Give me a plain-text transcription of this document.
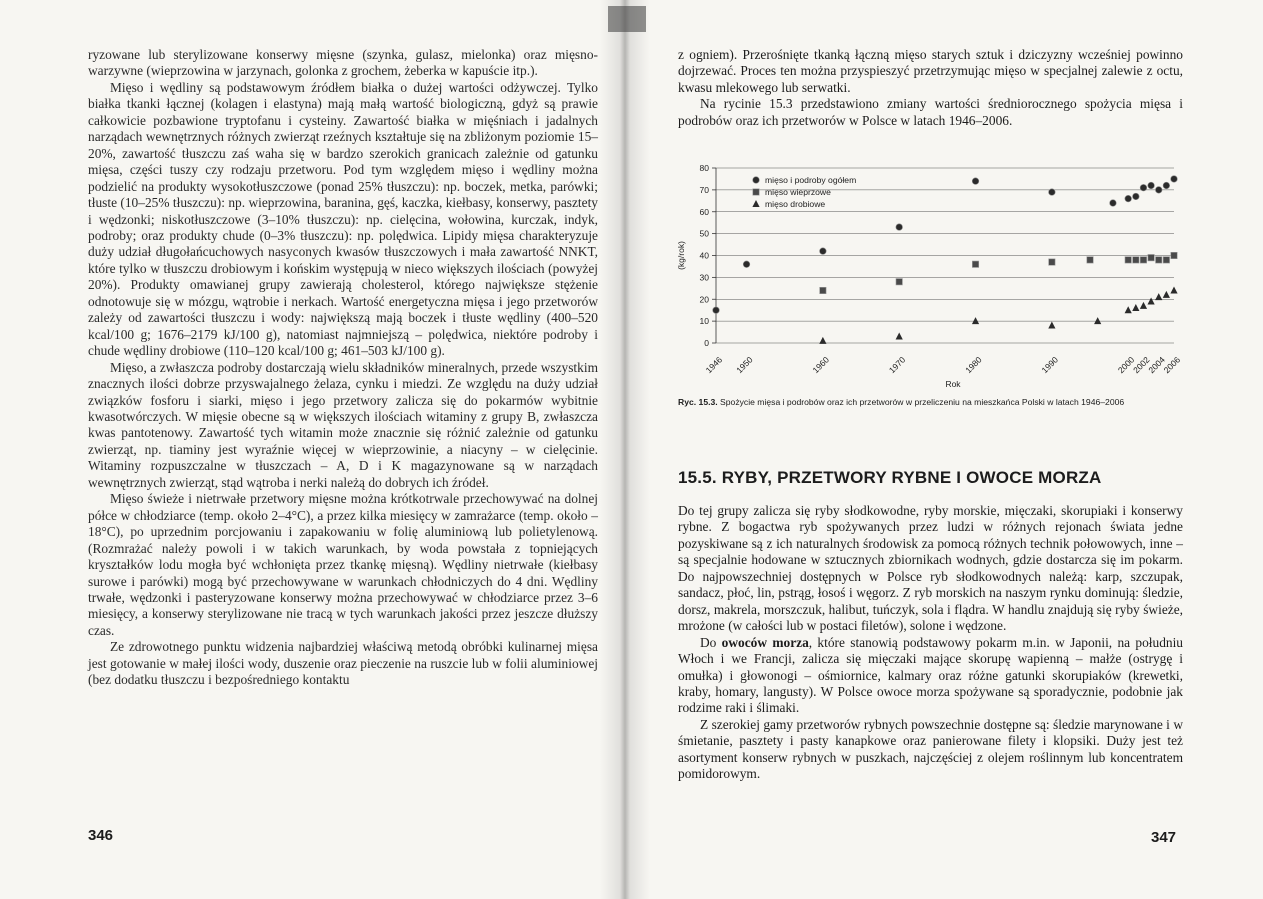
ryzowane lub sterylizowane konserwy mięsne (szynka, gulasz, mielonka) oraz mięsno-warzywne (wieprzowina w jarzynach, golonka z grochem, żeberka w kapuście itp.).

Mięso i wędliny są podstawowym źródłem białka o dużej wartości odżywczej. Tylko białka tkanki łącznej (kolagen i elastyna) mają małą wartość biologiczną, gdyż są prawie całkowicie pozbawione tryptofanu i cysteiny. Zawartość białka w mięśniach i jadalnych narządach wewnętrznych różnych zwierząt rzeźnych kształtuje się na zbliżonym poziomie 15–20%, zawartość tłuszczu zaś waha się w bardzo szerokich granicach zależnie od gatunku mięsa, części tuszy czy rodzaju przetworu. Pod tym względem mięso i wędliny można podzielić na produkty wysokotłuszczowe (ponad 25% tłuszczu): np. boczek, metka, parówki; tłuste (10–25% tłuszczu): np. wieprzowina, baranina, gęś, kaczka, kiełbasy, konserwy, pasztety i wędzonki; niskotłuszczowe (3–10% tłuszczu): np. cielęcina, wołowina, kurczak, indyk, podroby; oraz produkty chude (0–3% tłuszczu): np. polędwica. Lipidy mięsa charakteryzuje duży udział długołańcuchowych nasyconych kwasów tłuszczowych i mała zawartość NNKT, które tylko w tłuszczu drobiowym i końskim występują w nieco większych ilościach (powyżej 20%). Produkty omawianej grupy zawierają cholesterol, którego największe stężenie odnotowuje się w mózgu, wątrobie i nerkach. Wartość energetyczna mięsa i jego przetworów zależy od zawartości tłuszczu i wody: największą mają boczek i tłuste wędliny (400–520 kcal/100 g; 1676–2179 kJ/100 g), natomiast najmniejszą – polędwica, niektóre podroby i chude wędliny drobiowe (110–120 kcal/100 g; 461–503 kJ/100 g).

Mięso, a zwłaszcza podroby dostarczają wielu składników mineralnych, przede wszystkim znacznych ilości dobrze przyswajalnego żelaza, cynku i miedzi. Ze względu na duży udział związków fosforu i siarki, mięso i jego przetwory zalicza się do pokarmów wybitnie kwasotwórczych. W mięsie obecne są w większych ilościach witaminy z grupy B, zwłaszcza kwas pantotenowy. Zawartość tych witamin może znacznie się różnić zależnie od gatunku zwierząt, np. tiaminy jest wyraźnie więcej w wieprzowinie, a niacyny – w cielęcinie. Witaminy rozpuszczalne w tłuszczach – A, D i K magazynowane są w narządach wewnętrznych zwierząt, stąd wątroba i nerki należą do dobrych ich źródeł.

Mięso świeże i nietrwałe przetwory mięsne można krótkotrwale przechowywać na dolnej półce w chłodziarce (temp. około 2–4°C), a przez kilka miesięcy w zamrażarce (temp. około –18°C), po uprzednim porcjowaniu i zapakowaniu w folię aluminiową lub polietylenową. (Rozmrażać należy powoli i w takich warunkach, by woda powstała z topniejących kryształków lodu mogła być wchłonięta przez tkankę mięsną). Wędliny nietrwałe (kiełbasy surowe i parówki) mogą być przechowywane w warunkach chłodniczych do 4 dni. Wędliny trwałe, wędzonki i pasteryzowane konserwy można przechowywać w chłodziarce przez 3–6 miesięcy, a konserwy sterylizowane nie tracą w tych warunkach jakości przez jeszcze dłuższy czas.

Ze zdrowotnego punktu widzenia najbardziej właściwą metodą obróbki kulinarnej mięsa jest gotowanie w małej ilości wody, duszenie oraz pieczenie na ruszcie lub w folii aluminiowej (bez dodatku tłuszczu i bezpośredniego kontaktu

346

z ogniem). Przerośnięte tkanką łączną mięso starych sztuk i dziczyzny wcześniej powinno dojrzewać. Proces ten można przyspieszyć przetrzymując mięso w specjalnej zalewie z octu, kwasu mlekowego lub serwatki.

Na rycinie 15.3 przedstawiono zmiany wartości średniorocznego spożycia mięsa i podrobów oraz ich przetworów w Polsce w latach 1946–2006.

0
10
20
30
40
50
60
70
80
1946 1950	1960	1970	1980	1990	2000
2002
2004
2006
Rok
(kg/rok)
mięso i podroby ogółem
mięso wieprzowe
mięso drobiowe
Ryc. 15.3. Spożycie mięsa i podrobów oraz ich przetworów w przeliczeniu na mieszkańca Polski w latach 1946–2006
15.5. RYBY, PRZETWORY RYBNE I OWOCE MORZA

Do tej grupy zalicza się ryby słodkowodne, ryby morskie, mięczaki, skorupiaki i konserwy rybne. Z bogactwa ryb spożywanych przez ludzi w różnych rejonach świata jedne pozyskiwane są z ich naturalnych środowisk za pomocą różnych technik połowowych, inne – są specjalnie hodowane w sztucznych zbiornikach wodnych, gdzie dostarcza się im pokarm. Do najpowszechniej dostępnych w Polsce ryb słodkowodnych należą: karp, szczupak, sandacz, płoć, lin, pstrąg, łosoś i węgorz. Z ryb morskich na naszym rynku dominują: śledzie, dorsz, makrela, morszczuk, halibut, tuńczyk, sola i flądra. W handlu znajdują się ryby świeże, mrożone (w całości lub w postaci filetów), solone i wędzone.

Do owoców morza, które stanowią podstawowy pokarm m.in. w Japonii, na południu Włoch i we Francji, zalicza się mięczaki mające skorupę wapienną – małże (ostrygę i omułka) i głowonogi – ośmiornice, kalmary oraz różne gatunki skorupiaków (krewetki, kraby, homary, langusty). W Polsce owoce morza spożywane są sporadycznie, podobnie jak rodzime raki i ślimaki.

Z szerokiej gamy przetworów rybnych powszechnie dostępne są: śledzie marynowane i w śmietanie, pasztety i pasty kanapkowe oraz panierowane filety i klopsiki. Duży jest też asortyment konserw rybnych w puszkach, najczęściej z olejem roślinnym lub koncentratem pomidorowym.

347
